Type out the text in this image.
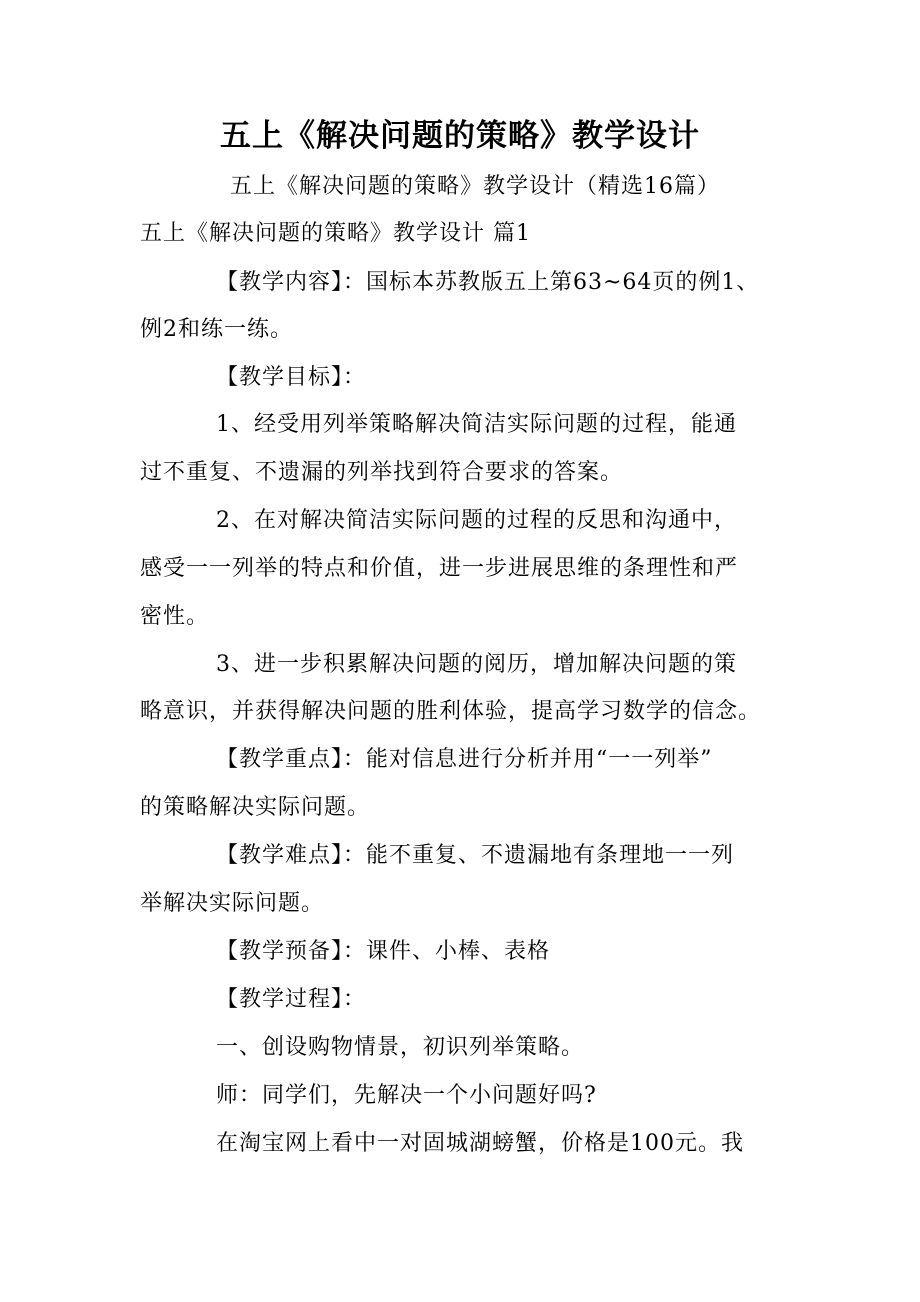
五上《解决问题的策略》教学设计
五上《解决问题的策略》教学设计（精选16篇）
五上《解决问题的策略》教学设计 篇1
【教学内容】：国标本苏教版五上第63~64页的例1、
例2和练一练。
【教学目标】：
1、经受用列举策略解决简洁实际问题的过程，能通
过不重复、不遗漏的列举找到符合要求的答案。
2、在对解决简洁实际问题的过程的反思和沟通中，
感受一一列举的特点和价值，进一步进展思维的条理性和严
密性。
3、进一步积累解决问题的阅历，增加解决问题的策
略意识，并获得解决问题的胜利体验，提高学习数学的信念。
【教学重点】：能对信息进行分析并用“一一列举”
的策略解决实际问题。
【教学难点】：能不重复、不遗漏地有条理地一一列
举解决实际问题。
【教学预备】：课件、小棒、表格
【教学过程】：
一、创设购物情景，初识列举策略。
师：同学们，先解决一个小问题好吗?
在淘宝网上看中一对固城湖螃蟹，价格是100元。我
